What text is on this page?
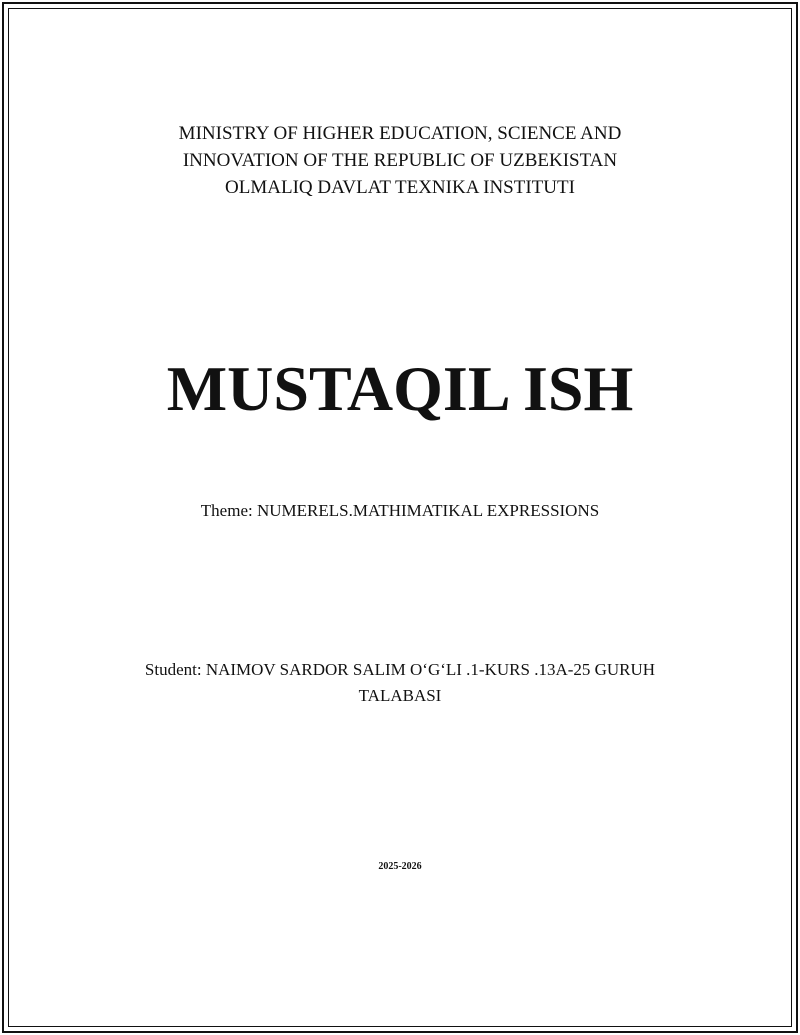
MINISTRY OF HIGHER EDUCATION, SCIENCE AND
INNOVATION OF THE REPUBLIC OF UZBEKISTAN
OLMALIQ DAVLAT TEXNIKA INSTITUTI
MUSTAQIL ISH
Theme: NUMERELS.MATHIMATIKAL EXPRESSIONS
Student: NAIMOV SARDOR SALIM O‘G‘LI .1-KURS .13A-25 GURUH
TALABASI
2025-2026
